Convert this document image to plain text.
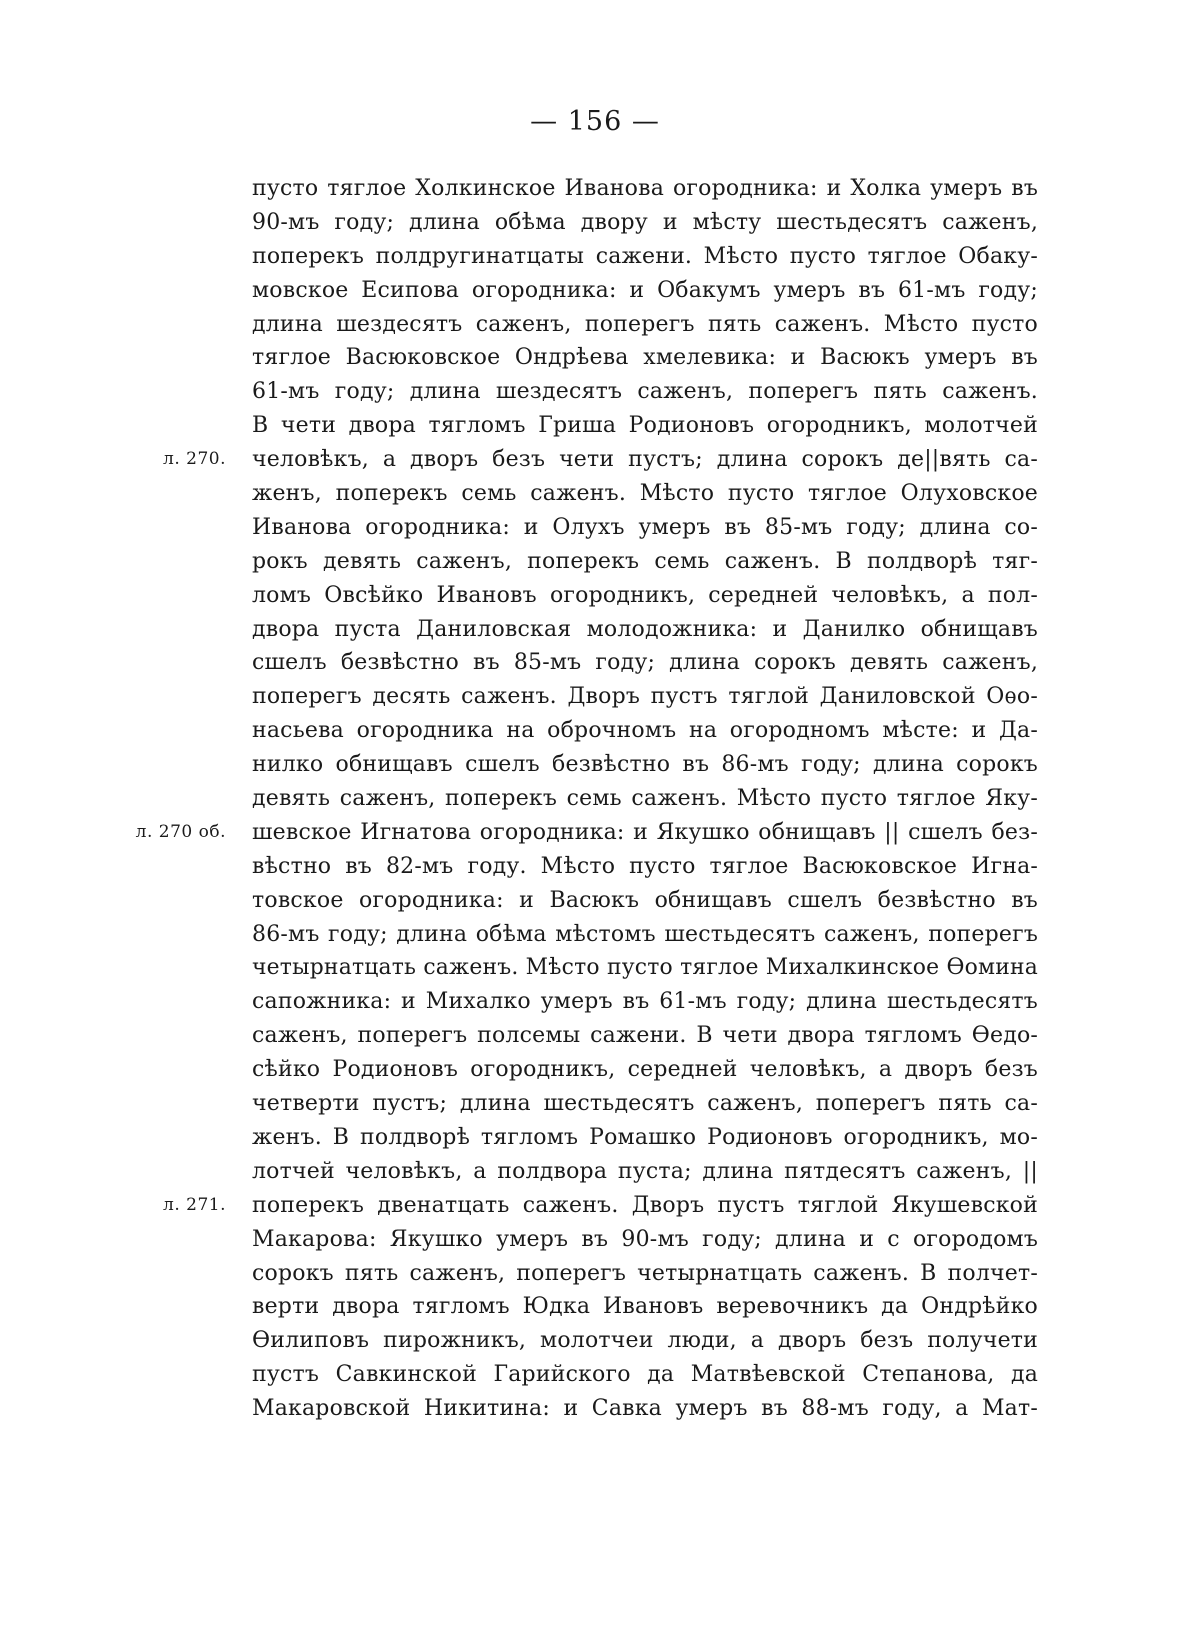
— 156 —
пусто тяглое Холкинское Иванова огородника: и Холка умеръ въ
90-мъ году; длина обѣма двору и мѣсту шестьдесятъ саженъ,
поперекъ полдругинатцаты сажени. Мѣсто пусто тяглое Обаку-
мовское Есипова огородника: и Обакумъ умеръ въ 61-мъ году;
длина шездесятъ саженъ, поперегъ пять саженъ. Мѣсто пусто
тяглое Васюковское Ондрѣева хмелевика: и Васюкъ умеръ въ
61-мъ году; длина шездесятъ саженъ, поперегъ пять саженъ.
В чети двора тягломъ Гриша Родионовъ огородникъ, молотчей
человѣкъ, а дворъ безъ чети пустъ; длина сорокъ де||вять са-
л. 270.
женъ, поперекъ семь саженъ. Мѣсто пусто тяглое Олуховское
Иванова огородника: и Олухъ умеръ въ 85-мъ году; длина со-
рокъ девять саженъ, поперекъ семь саженъ. В полдворѣ тяг-
ломъ Овсѣйко Ивановъ огородникъ, середней человѣкъ, а пол-
двора пуста Даниловская молодожника: и Данилко обнищавъ
сшелъ безвѣстно въ 85-мъ году; длина сорокъ девять саженъ,
поперегъ десять саженъ. Дворъ пустъ тяглой Даниловской Оѳо-
насьева огородника на оброчномъ на огородномъ мѣсте: и Да-
нилко обнищавъ сшелъ безвѣстно въ 86-мъ году; длина сорокъ
девять саженъ, поперекъ семь саженъ. Мѣсто пусто тяглое Яку-
шевское Игнатова огородника: и Якушко обнищавъ || сшелъ без-
л. 270 об.
вѣстно въ 82-мъ году. Мѣсто пусто тяглое Васюковское Игна-
товское огородника: и Васюкъ обнищавъ сшелъ безвѣстно въ
86-мъ году; длина обѣма мѣстомъ шестьдесятъ саженъ, поперегъ
четырнатцать саженъ. Мѣсто пусто тяглое Михалкинское Ѳомина
сапожника: и Михалко умеръ въ 61-мъ году; длина шестьдесятъ
саженъ, поперегъ полсемы сажени. В чети двора тягломъ Ѳедо-
сѣйко Родионовъ огородникъ, середней человѣкъ, а дворъ безъ
четверти пустъ; длина шестьдесятъ саженъ, поперегъ пять са-
женъ. В полдворѣ тягломъ Ромашко Родионовъ огородникъ, мо-
лотчей человѣкъ, а полдвора пуста; длина пятдесятъ саженъ, ||
поперекъ двенатцать саженъ. Дворъ пустъ тяглой Якушевской
л. 271.
Макарова: Якушко умеръ въ 90-мъ году; длина и с огородомъ
сорокъ пять саженъ, поперегъ четырнатцать саженъ. В полчет-
верти двора тягломъ Юдка Ивановъ веревочникъ да Ондрѣйко
Ѳилиповъ пирожникъ, молотчеи люди, а дворъ безъ получети
пустъ Савкинской Гарийского да Матвѣевской Степанова, да
Макаровской Никитина: и Савка умеръ въ 88-мъ году, а Мат-
